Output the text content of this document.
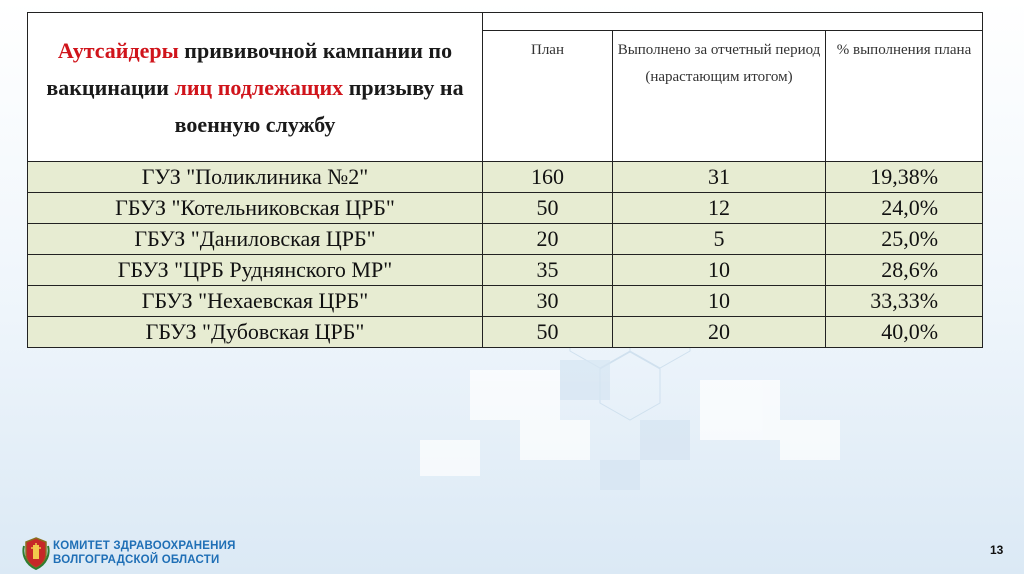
Аутсайдеры прививочной кампании по вакцинации лиц подлежащих призыву на военную службу			
	План	Выполнено за отчетный период (нарастающим итогом)	% выполнения плана
ГУЗ "Поликлиника №2"	160	31	19,38%
ГБУЗ "Котельниковская ЦРБ"	50	12	24,0%
ГБУЗ "Даниловская ЦРБ"	20	5	25,0%
ГБУЗ "ЦРБ Руднянского МР"	35	10	28,6%
ГБУЗ "Нехаевская ЦРБ"	30	10	33,33%
ГБУЗ "Дубовская ЦРБ"	50	20	40,0%
КОМИТЕТ ЗДРАВООХРАНЕНИЯ
ВОЛГОГРАДСКОЙ ОБЛАСТИ
13
